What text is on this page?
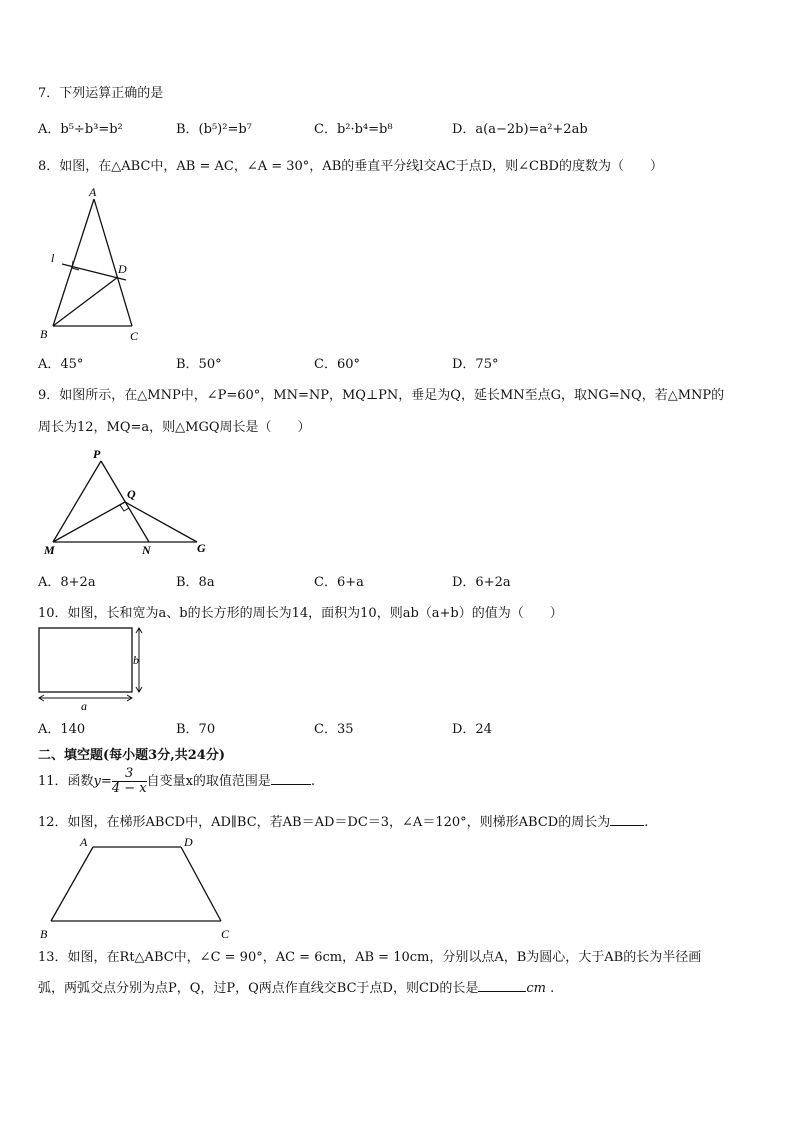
7．下列运算正确的是
A．b⁵÷b³=b²	B．(b⁵)²=b⁷	C．b²·b⁴=b⁸	D．a(a−2b)=a²+2ab
8．如图，在△ABC中，AB = AC，∠A = 30°，AB的垂直平分线l交AC于点D，则∠CBD的度数为（　　）
A
l
D
B	C
A．45°	B．50°	C．60°	D．75°
9．如图所示，在△MNP中，∠P=60°，MN=NP，MQ⊥PN，垂足为Q，延长MN至点G，取NG=NQ，若△MNP的
周长为12，MQ=a，则△MGQ周长是（　　）
P
Q
M	N	G
A．8+2a	B．8a	C．6+a	D．6+2a
10．如图，长和宽为a、b的长方形的周长为14，面积为10，则ab（a+b）的值为（　　）
a
b
A．140	B．70	C．35	D．24
二、填空题(每小题3分,共24分)
11．函数$y= \frac{3}{4 - x}$ 自变量x的取值范围是	.
12．如图，在梯形ABCD中，AD∥BC，若AB＝AD＝DC＝3，∠A＝120°，则梯形ABCD的周长为	.
A	D
B	C
13．如图，在Rt△ABC中，∠C = 90°，AC = 6cm，AB = 10cm，分别以点A，B为圆心，大于AB的长为半径画
弧，两弧交点分别为点P，Q，过P，Q两点作直线交BC于点D，则CD的长是	cm .
